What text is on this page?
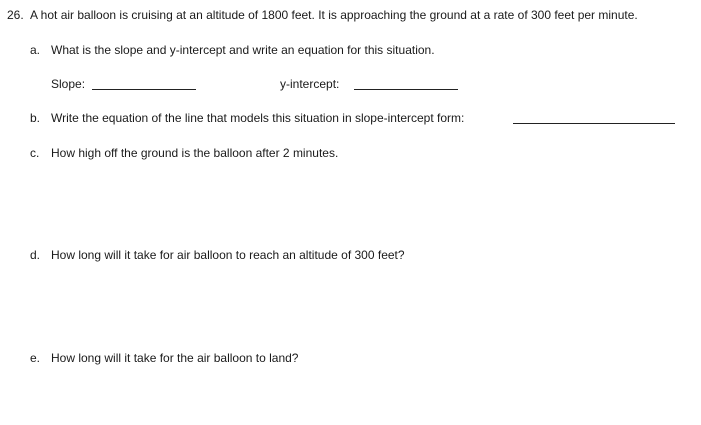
26. A hot air balloon is cruising at an altitude of 1800 feet. It is approaching the ground at a rate of 300 feet per minute.
a. What is the slope and y-intercept and write an equation for this situation.
Slope:	y-intercept:
b. Write the equation of the line that models this situation in slope-intercept form:
c. How high off the ground is the balloon after 2 minutes.
d. How long will it take for air balloon to reach an altitude of 300 feet?
e. How long will it take for the air balloon to land?
